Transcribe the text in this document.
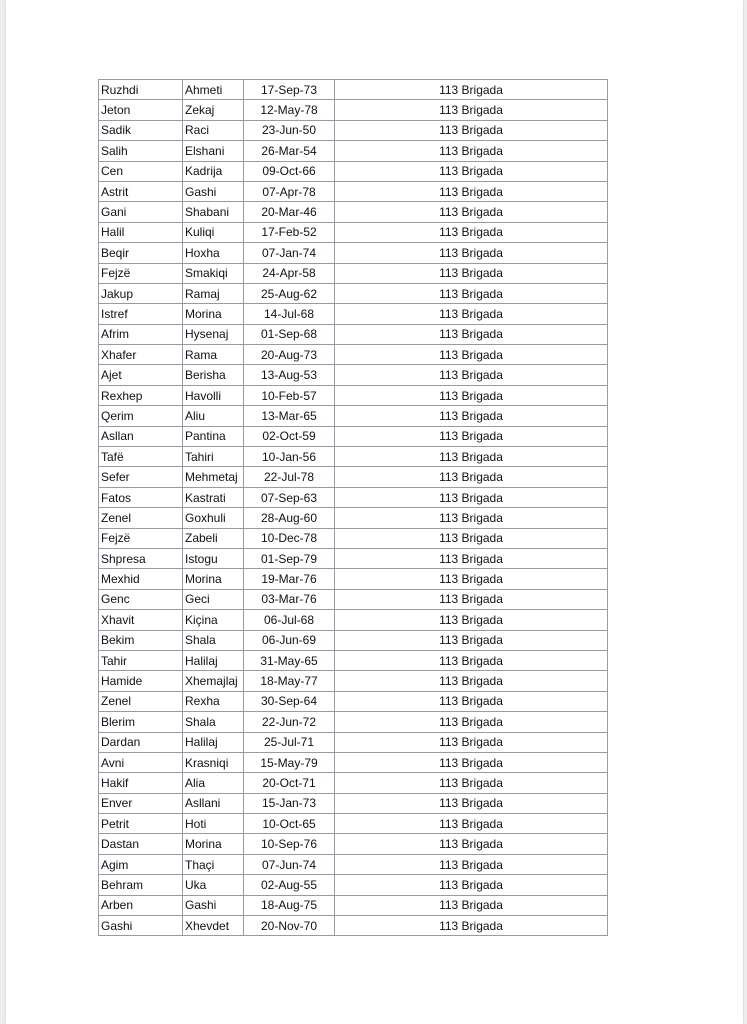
Ruzhdi	Ahmeti	17-Sep-73	113 Brigada
Jeton	Zekaj	12-May-78	113 Brigada
Sadik	Raci	23-Jun-50	113 Brigada
Salih	Elshani	26-Mar-54	113 Brigada
Cen	Kadrija	09-Oct-66	113 Brigada
Astrit	Gashi	07-Apr-78	113 Brigada
Gani	Shabani	20-Mar-46	113 Brigada
Halil	Kuliqi	17-Feb-52	113 Brigada
Beqir	Hoxha	07-Jan-74	113 Brigada
Fejzë	Smakiqi	24-Apr-58	113 Brigada
Jakup	Ramaj	25-Aug-62	113 Brigada
Istref	Morina	14-Jul-68	113 Brigada
Afrim	Hysenaj	01-Sep-68	113 Brigada
Xhafer	Rama	20-Aug-73	113 Brigada
Ajet	Berisha	13-Aug-53	113 Brigada
Rexhep	Havolli	10-Feb-57	113 Brigada
Qerim	Aliu	13-Mar-65	113 Brigada
Asllan	Pantina	02-Oct-59	113 Brigada
Tafë	Tahiri	10-Jan-56	113 Brigada
Sefer	Mehmetaj	22-Jul-78	113 Brigada
Fatos	Kastrati	07-Sep-63	113 Brigada
Zenel	Goxhuli	28-Aug-60	113 Brigada
Fejzë	Zabeli	10-Dec-78	113 Brigada
Shpresa	Istogu	01-Sep-79	113 Brigada
Mexhid	Morina	19-Mar-76	113 Brigada
Genc	Geci	03-Mar-76	113 Brigada
Xhavit	Kiçina	06-Jul-68	113 Brigada
Bekim	Shala	06-Jun-69	113 Brigada
Tahir	Halilaj	31-May-65	113 Brigada
Hamide	Xhemajlaj	18-May-77	113 Brigada
Zenel	Rexha	30-Sep-64	113 Brigada
Blerim	Shala	22-Jun-72	113 Brigada
Dardan	Halilaj	25-Jul-71	113 Brigada
Avni	Krasniqi	15-May-79	113 Brigada
Hakif	Alia	20-Oct-71	113 Brigada
Enver	Asllani	15-Jan-73	113 Brigada
Petrit	Hoti	10-Oct-65	113 Brigada
Dastan	Morina	10-Sep-76	113 Brigada
Agim	Thaçi	07-Jun-74	113 Brigada
Behram	Uka	02-Aug-55	113 Brigada
Arben	Gashi	18-Aug-75	113 Brigada
Gashi	Xhevdet	20-Nov-70	113 Brigada
